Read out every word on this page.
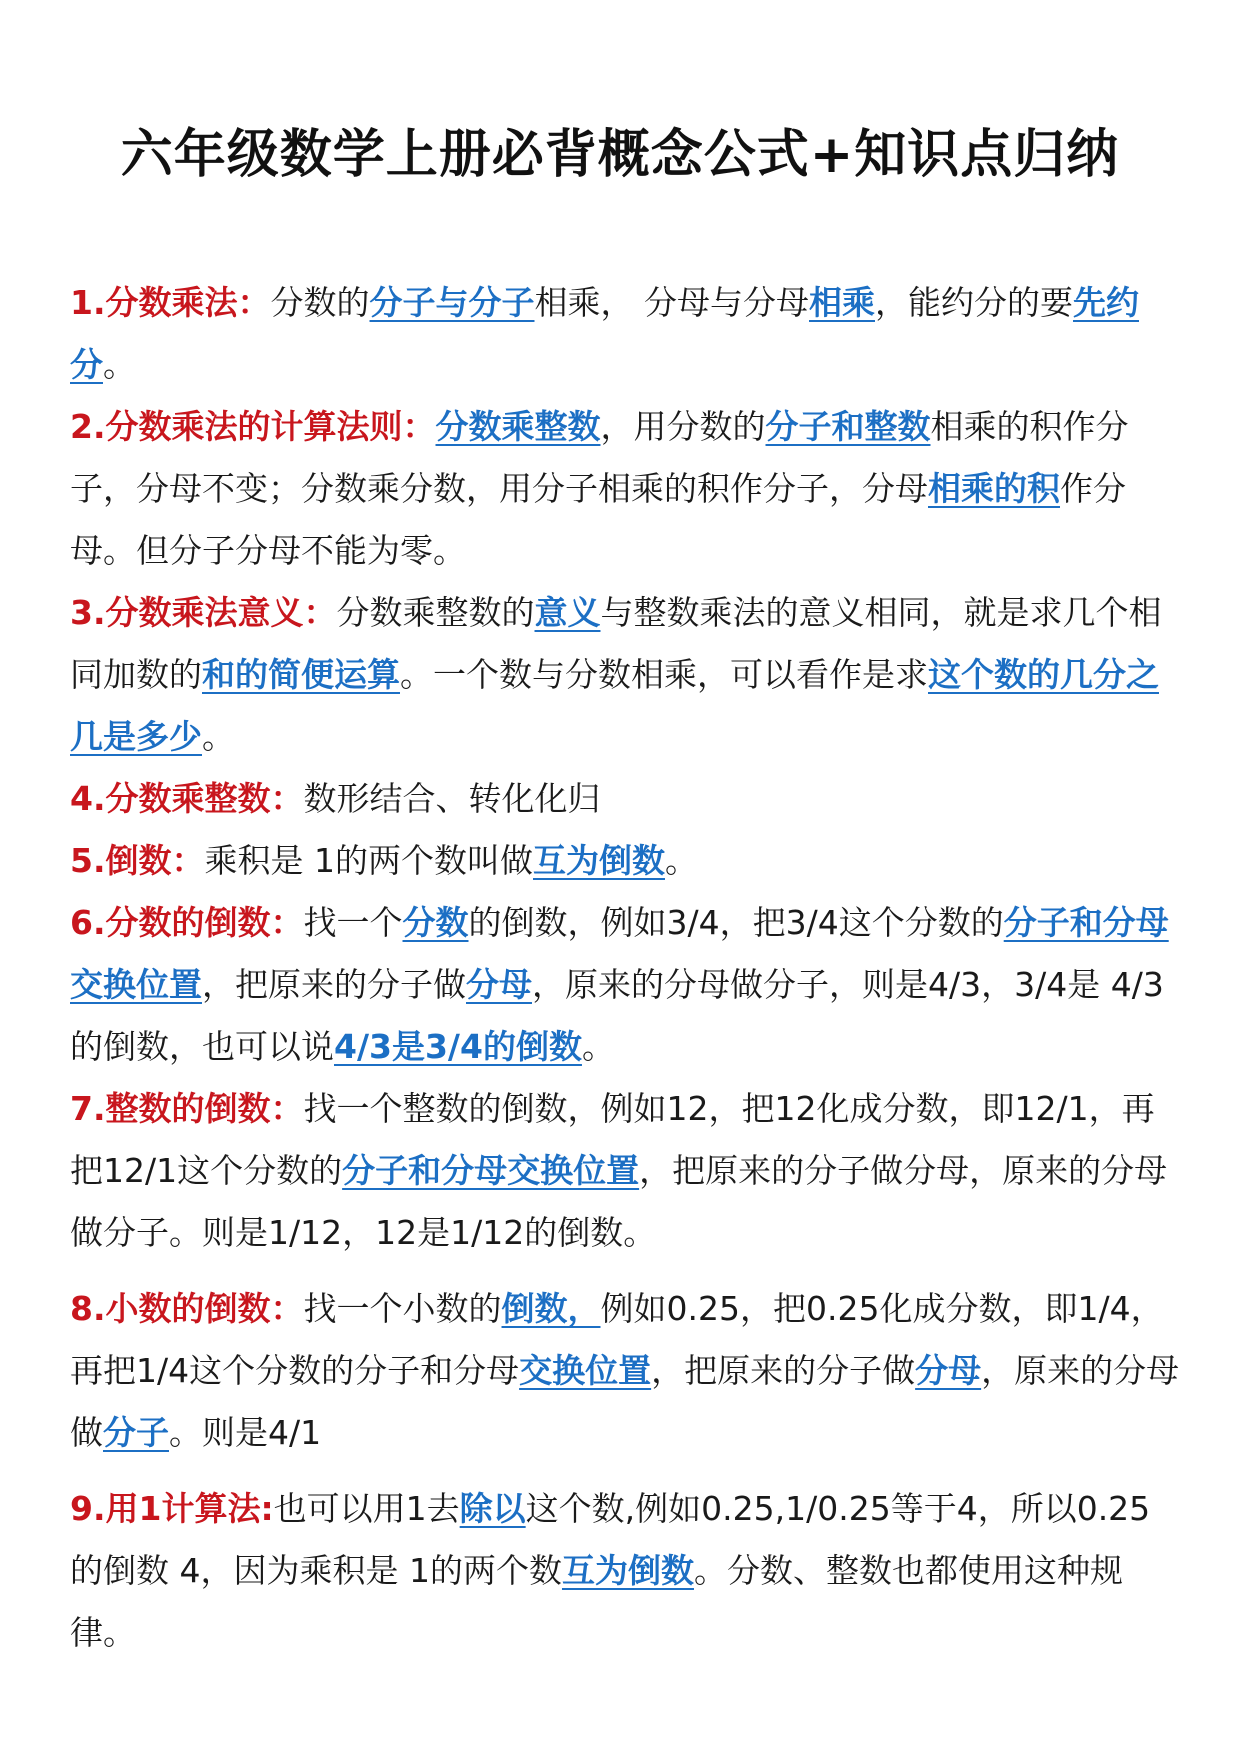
六年级数学上册必背概念公式+知识点归纳

1.分数乘法：分数的分子与分子相乘， 分母与分母相乘，能约分的要先约分。

2.分数乘法的计算法则：分数乘整数，用分数的分子和整数相乘的积作分子，分母不变；分数乘分数，用分子相乘的积作分子，分母相乘的积作分母。但分子分母不能为零。

3.分数乘法意义：分数乘整数的意义与整数乘法的意义相同，就是求几个相同加数的和的简便运算。一个数与分数相乘，可以看作是求这个数的几分之几是多少。

4.分数乘整数：数形结合、转化化归

5.倒数：乘积是 1的两个数叫做互为倒数。

6.分数的倒数：找一个分数的倒数，例如3/4，把3/4这个分数的分子和分母交换位置，把原来的分子做分母，原来的分母做分子，则是4/3，3/4是 4/3的倒数，也可以说4/3是3/4的倒数。

7.整数的倒数：找一个整数的倒数，例如12，把12化成分数，即12/1，再把12/1这个分数的分子和分母交换位置，把原来的分子做分母，原来的分母做分子。则是1/12，12是1/12的倒数。

8.小数的倒数：找一个小数的倒数，例如0.25，把0.25化成分数，即1/4，再把1/4这个分数的分子和分母交换位置，把原来的分子做分母，原来的分母做分子。则是4/1

9.用1计算法:也可以用1去除以这个数,例如0.25,1/0.25等于4，所以0.25 的倒数 4，因为乘积是 1的两个数互为倒数。分数、整数也都使用这种规律。
